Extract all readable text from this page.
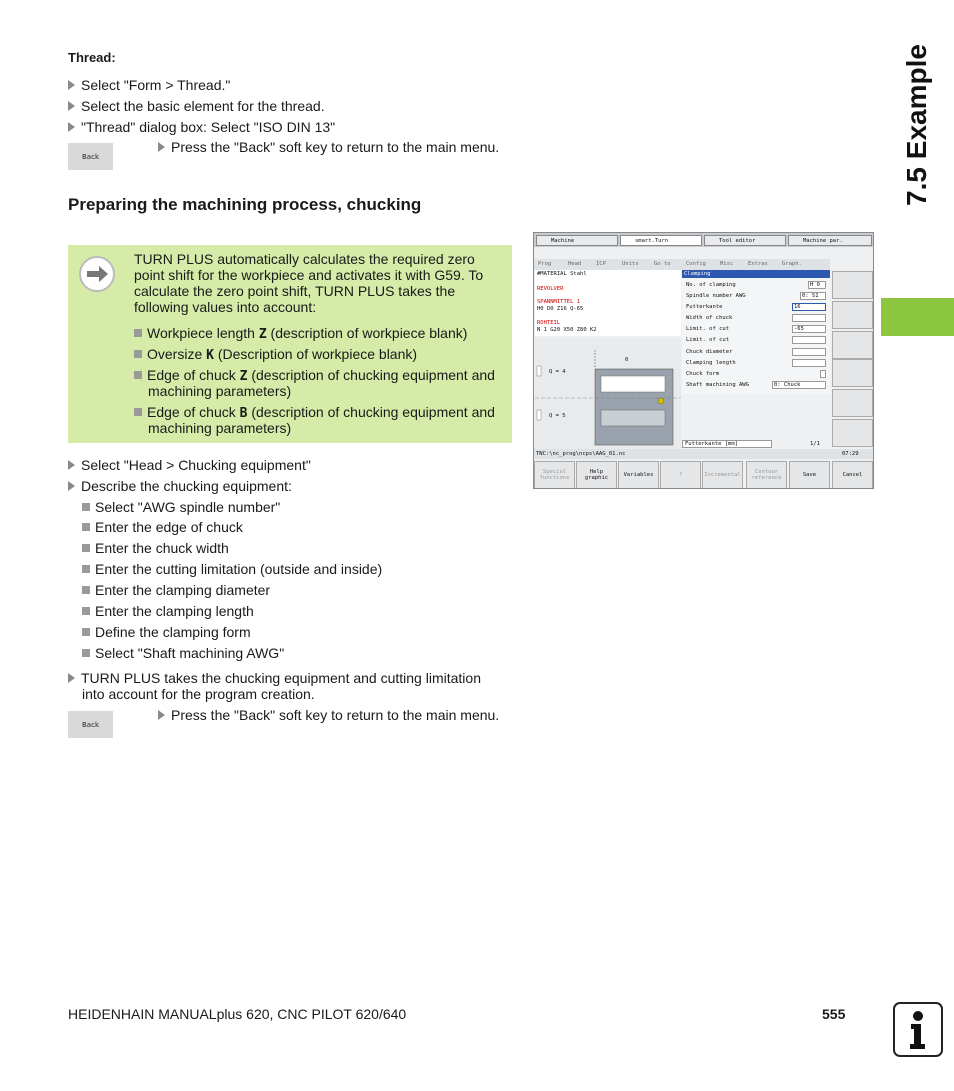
7.5 Example
Thread:
Select "Form > Thread."
Select the basic element for the thread.
"Thread" dialog box: Select "ISO DIN 13"
Back
Press the "Back" soft key to return to the main menu.
Preparing the machining process, chucking
TURN PLUS automatically calculates the required zero
point shift for the workpiece and activates it with G59. To
calculate the zero point shift, TURN PLUS takes the
following values into account:
Workpiece length Z (description of workpiece blank)
Oversize K (Description of workpiece blank)
Edge of chuck Z (description of chucking equipment and
machining parameters)
Edge of chuck B (description of chucking equipment and
machining parameters)
Select "Head > Chucking equipment"
Describe the chucking equipment:
Select "AWG spindle number"
Enter the edge of chuck
Enter the chuck width
Enter the cutting limitation (outside and inside)
Enter the clamping diameter
Enter the clamping length
Define the clamping form
Select "Shaft machining AWG"
TURN PLUS takes the chucking equipment and cutting limitation
into account for the program creation.
Back
Press the "Back" soft key to return to the main menu.
Machine	smart.Turn	Tool editor	Machine par.
Prog	Head	ICP	Units	Go to	Config	Misc	Extras	Graph.
#MATERIAL Stahl
REVOLVER
SPANNMITTEL 1
H0 D0 Z16 Q-65
ROHTEIL
N 1 G20 X50 Z80 K2
Clamping
No. of clamping	H 0
Spindle number AWG	0: S1
Futterkante	16
Width of chuck
Limit. of cut	-65
Limit. of cut
Chuck diameter
Clamping length
Chuck form
Shaft machining AWG	0: Chuck
Futterkante [mm]	1/1
Q = 4
Q = 5
0
TNC:\nc_prog\ncps\AAG_01.nc	07:29
Special functions
Help graphic	Variables	?	Incremental	Contour reference	Save	Cancel
HEIDENHAIN MANUALplus 620, CNC PILOT 620/640	555
